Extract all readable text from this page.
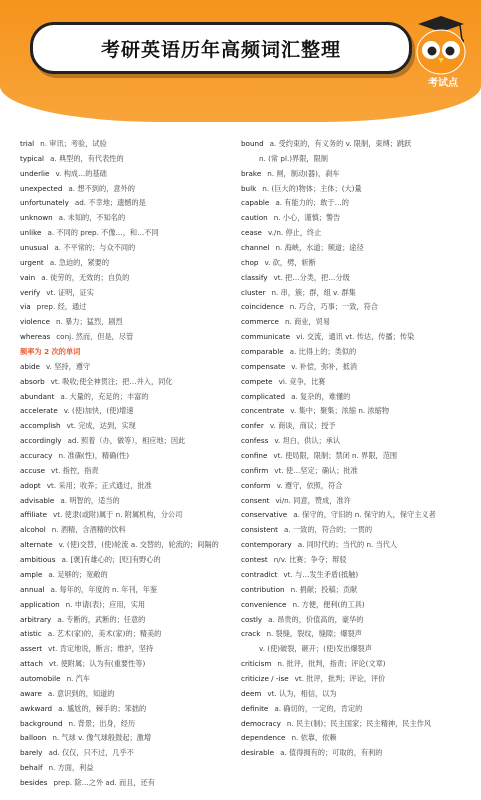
考研英语历年高频词汇整理
考试点
trial n. 审讯；考验，试验
typical a. 典型的，有代表性的
underlie v. 构成…的基础
unexpected a. 想不到的，意外的
unfortunately ad. 不幸地；遗憾的是
unknown a. 未知的，不知名的
unlike a. 不同的 prep. 不像…，和…不同
unusual a. 不平常的；与众不同的
urgent a. 急迫的，紧要的
vain a. 徒劳的，无效的；自负的
verify vt. 证明，证实
via prep. 经，通过
violence n. 暴力；猛烈，剧烈
whereas conj. 然而，但是，尽管
频率为 2 次的单词
abide v. 坚持，遵守
absorb vt. 吸收;使全神贯注；把…并入，同化
abundant a. 大量的，充足的；丰富的
accelerate v. (使)加快，(使)增速
accomplish vt. 完成，达到，实现
accordingly ad. 照着（办，做等），相应地；因此
accuracy n. 准确(性)，精确(性)
accuse vt. 指控，指责
adopt vt. 采用；收养；正式通过，批准
advisable a. 明智的，适当的
affiliate vt. 使隶(或附)属于 n. 附属机构，分公司
alcohol n. 酒精，含酒精的饮料
alternate v. (使)交替，(使)轮流 a. 交替的，轮流的；间隔的
ambitious a. [褒]有雄心的；[贬]有野心的
ample a. 足够的；宽敞的
annual a. 每年的，年度的 n. 年刊，年鉴
application n. 申请(表)；应用，实用
arbitrary a. 专断的，武断的；任意的
atistic a. 艺术(家)的，美术(家)的；精美的
assert vt. 肯定地说，断言；维护，坚持
attach vt. 使附属；认为有(重要性等)
automobile n. 汽车
aware a. 意识到的，知道的
awkward a. 尴尬的，棘手的；笨拙的
background n. 背景；出身，经历
balloon n. 气球 v. 像气球般鼓起；激增
barely ad. 仅仅，只不过，几乎不
behalf n. 方面，利益
besides prep. 除…之外 ad. 而且，还有
bound a. 受约束的，有义务的 v. 限制，束缚；跳跃
n. (常 pl.)界限，限制
brake n. 闸，制动(器)，刹车
bulk n. (巨大的)物体；主体；(大)量
capable a. 有能力的；敢于…的
caution n. 小心，谨慎；警告
cease v./n. 停止，终止
channel n. 海峡，水道；频道；途径
chop v. 砍，劈，斩断
classify vt. 把…分类，把…分级
cluster n. 串，簇；群，组 v. 群集
coincidence n. 巧合，巧事；一致，符合
commerce n. 商业，贸易
communicate vi. 交流，通讯 vt. 传达，传播；传染
comparable a. 比得上的；类似的
compensate v. 补偿，弥补，抵消
compete vi. 竞争，比赛
complicated a. 复杂的，难懂的
concentrate v. 集中；聚集；浓缩 n. 浓缩物
confer v. 商谈，商议；授予
confess v. 坦白，供认；承认
confine vt. 使局限，限制；禁闭 n. 界限，范围
confirm vt. 使…坚定；确认；批准
conform v. 遵守，依照，符合
consent vi/n. 同意，赞成，准许
conservative a. 保守的，守旧的 n. 保守的人，保守主义者
consistent a. 一致的，符合的；一贯的
contemporary a. 同时代的；当代的 n. 当代人
contest n/v. 比赛；争夺；辩驳
contradict vt. 与…发生矛盾(抵触)
contribution n. 捐献；投稿；贡献
convenience n. 方便，便利(的工具)
costly a. 昂贵的，价值高的，豪华的
crack n. 裂缝，裂纹，缝隙；爆裂声
v. (使)破裂，砸开；(使)发出爆裂声
criticism n. 批评，批判，指责；评论(文章)
criticize / -ise vt. 批评，批判；评论，评价
deem vt. 认为，相信，以为
definite a. 确切的，一定的，肯定的
democracy n. 民主(制)；民主国家；民主精神，民主作风
dependence n. 依靠，依赖
desirable a. 值得拥有的；可取的，有利的
